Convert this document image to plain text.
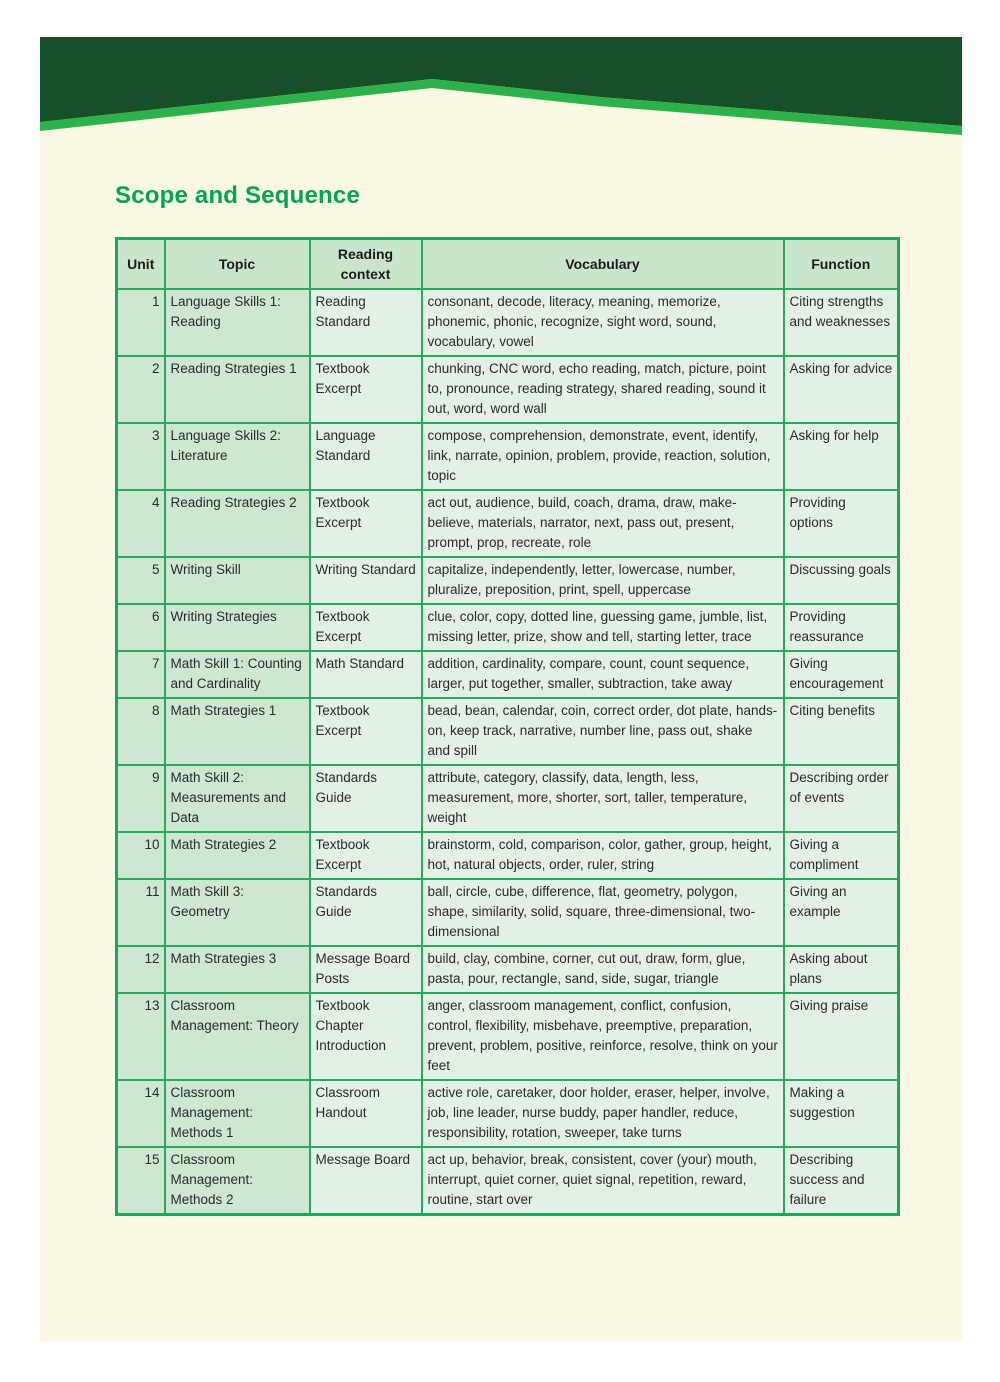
Scope and Sequence
Unit	Topic	Reading context	Vocabulary	Function
1	Language Skills 1: Reading	Reading Standard	consonant, decode, literacy, meaning, memorize, phonemic, phonic, recognize, sight word, sound, vocabulary, vowel	Citing strengths and weaknesses
2	Reading Strategies 1	Textbook Excerpt	chunking, CNC word, echo reading, match, picture, point to, pronounce, reading strategy, shared reading, sound it out, word, word wall	Asking for advice
3	Language Skills 2: Literature	Language Standard	compose, comprehension, demonstrate, event, identify, link, narrate, opinion, problem, provide, reaction, solution, topic	Asking for help
4	Reading Strategies 2	Textbook Excerpt	act out, audience, build, coach, drama, draw, make-believe, materials, narrator, next, pass out, present, prompt, prop, recreate, role	Providing options
5	Writing Skill	Writing Standard	capitalize, independently, letter, lowercase, number, pluralize, preposition, print, spell, uppercase	Discussing goals
6	Writing Strategies	Textbook Excerpt	clue, color, copy, dotted line, guessing game, jumble, list, missing letter, prize, show and tell, starting letter, trace	Providing reassurance
7	Math Skill 1: Counting and Cardinality	Math Standard	addition, cardinality, compare, count, count sequence, larger, put together, smaller, subtraction, take away	Giving encouragement
8	Math Strategies 1	Textbook Excerpt	bead, bean, calendar, coin, correct order, dot plate, hands-on, keep track, narrative, number line, pass out, shake and spill	Citing benefits
9	Math Skill 2: Measurements and Data	Standards Guide	attribute, category, classify, data, length, less, measurement, more, shorter, sort, taller, temperature, weight	Describing order of events
10	Math Strategies 2	Textbook Excerpt	brainstorm, cold, comparison, color, gather, group, height, hot, natural objects, order, ruler, string	Giving a compliment
11	Math Skill 3: Geometry	Standards Guide	ball, circle, cube, difference, flat, geometry, polygon, shape, similarity, solid, square, three-dimensional, two-dimensional	Giving an example
12	Math Strategies 3	Message Board Posts	build, clay, combine, corner, cut out, draw, form, glue, pasta, pour, rectangle, sand, side, sugar, triangle	Asking about plans
13	Classroom Management: Theory	Textbook Chapter Introduction	anger, classroom management, conflict, confusion, control, flexibility, misbehave, preemptive, preparation, prevent, problem, positive, reinforce, resolve, think on your feet	Giving praise
14	Classroom Management: Methods 1	Classroom Handout	active role, caretaker, door holder, eraser, helper, involve, job, line leader, nurse buddy, paper handler, reduce, responsibility, rotation, sweeper, take turns	Making a suggestion
15	Classroom Management: Methods 2	Message Board	act up, behavior, break, consistent, cover (your) mouth, interrupt, quiet corner, quiet signal, repetition, reward, routine, start over	Describing success and failure
